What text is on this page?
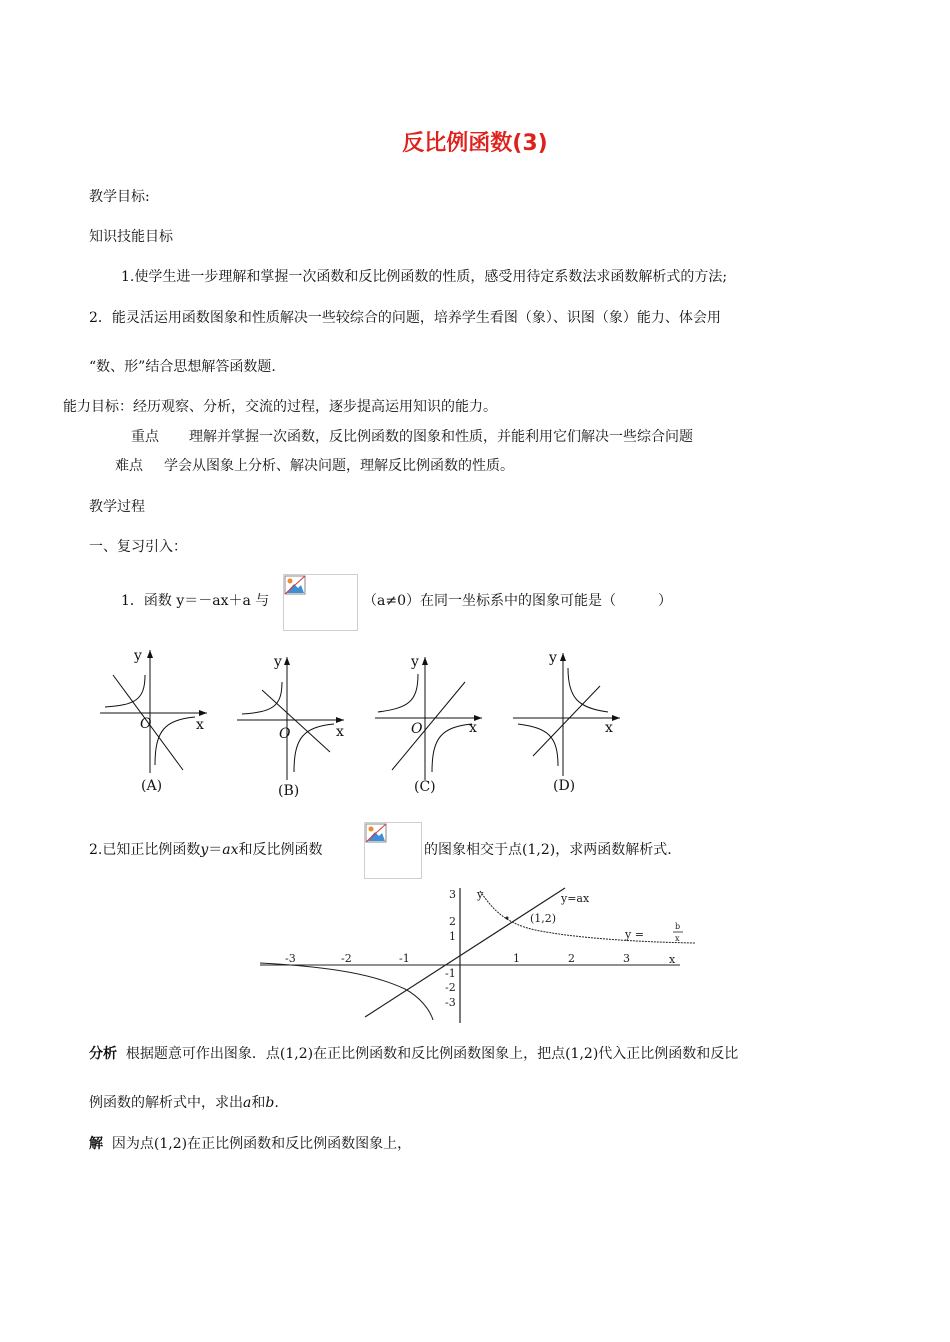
反比例函数(3)
教学目标:
知识技能目标
1.使学生进一步理解和掌握一次函数和反比例函数的性质，感受用待定系数法求函数解析式的方法;
2．能灵活运用函数图象和性质解决一些较综合的问题，培养学生看图（象）、识图（象）能力、体会用
“数、形”结合思想解答函数题.
能力目标：经历观察、分析，交流的过程，逐步提高运用知识的能力。
重点 理解并掌握一次函数，反比例函数的图象和性质，并能利用它们解决一些综合问题
难点 学会从图象上分析、解决问题，理解反比例函数的性质。
教学过程
一、复习引入：
1．函数 y＝－ax＋a 与	（a≠0）在同一坐标系中的图象可能是（　　　）
y
x
O
(A)
y
x
O
(B)
y
x
O
(C)
y
x
(D)
2.已知正比例函数y＝ax和反比例函数	的图象相交于点(1,2)，求两函数解析式.
3
2
1
-1
-2
-3
-3	-2	-1	1	2	3	x
y
(1,2)
y=ax
y =
b
x
分析 根据题意可作出图象．点(1,2)在正比例函数和反比例函数图象上，把点(1,2)代入正比例函数和反比
例函数的解析式中，求出a和b.
解 因为点(1,2)在正比例函数和反比例函数图象上，
